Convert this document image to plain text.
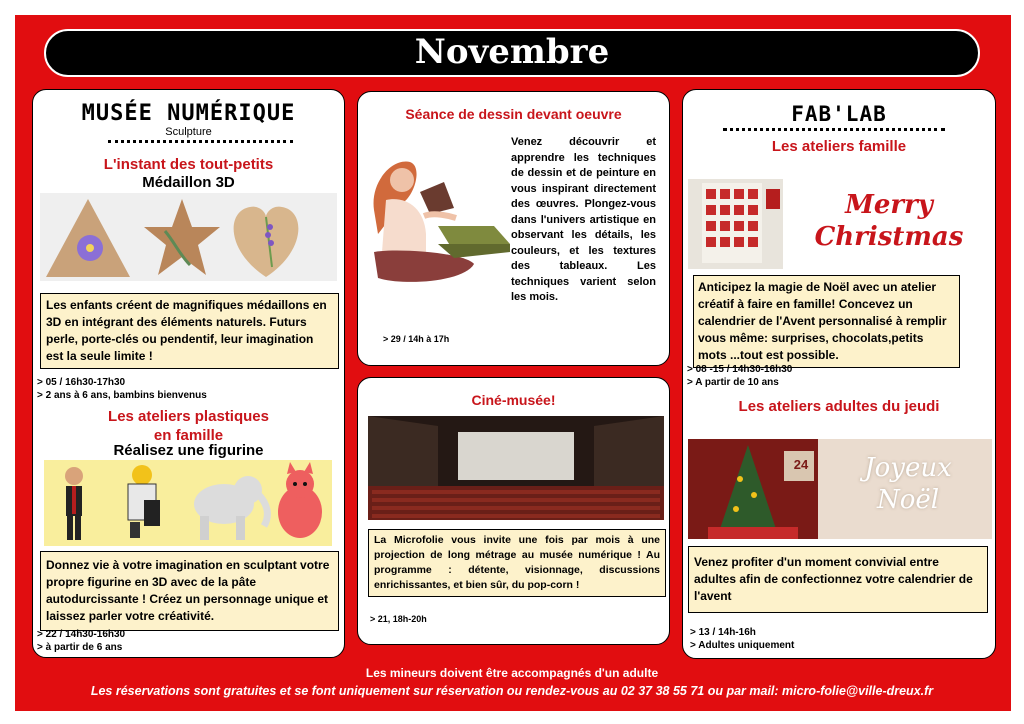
Novembre
MUSÉE NUMÉRIQUE
Sculpture
L'instant des tout-petits
Médaillon 3D
Les enfants créent de magnifiques médaillons en 3D en intégrant des éléments naturels. Futurs perle, porte-clés ou pendentif, leur imagination est la seule limite !
> 05 / 16h30-17h30
> 2 ans à 6 ans, bambins bienvenus
Les ateliers plastiques
en famille
Réalisez une figurine
Donnez vie à votre imagination en sculptant votre propre figurine en 3D avec de la pâte autodurcissante ! Créez un personnage unique et laissez parler votre créativité.
> 22 / 14h30-16h30
> à partir de 6 ans
Séance de dessin devant oeuvre
Venez découvrir et apprendre les techniques de dessin et de peinture en vous inspirant directement des œuvres. Plongez-vous dans l'univers artistique en observant les détails, les couleurs, et les textures des tableaux. Les techniques varient selon les mois.
> 29 / 14h à 17h
Ciné-musée!
La Microfolie vous invite une fois par mois à une projection de long métrage au musée numérique ! Au programme : détente, visionnage, discussions enrichissantes, et bien sûr, du pop-corn !
> 21, 18h-20h
FAB'LAB
Les ateliers famille
Merry
Christmas
Anticipez la magie de Noël avec un atelier créatif à faire en famille! Concevez un calendrier de l'Avent personnalisé à remplir vous même: surprises, chocolats,petits mots ...tout est possible.
> 08 -15 / 14h30-16h30
> A partir de 10 ans
Les ateliers adultes du jeudi
24	Joyeux
Noël
Venez profiter d'un moment convivial entre adultes afin de confectionnez votre calendrier de l'avent
> 13 / 14h-16h
> Adultes uniquement
Les mineurs doivent être accompagnés d'un adulte
Les réservations sont gratuites et se font uniquement sur réservation ou rendez-vous au 02 37 38 55 71 ou par mail: micro-folie@ville-dreux.fr
